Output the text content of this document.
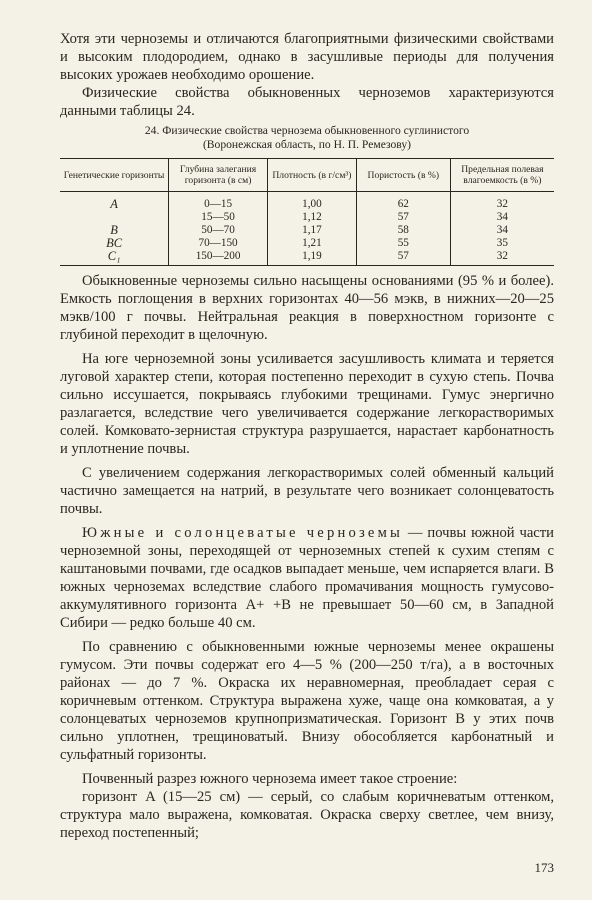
Хотя эти черноземы и отличаются благоприятными физическими свойствами и высоким плодородием, однако в засушливые периоды для получения высоких урожаев необходимо орошение.

Физические свойства обыкновенных черноземов характеризуются данными таблицы 24.

24. Физические свойства чернозема обыкновенного суглинистого
(Воронежская область, по Н. П. Ремезову)
Генетические горизонты	Глубина залегания горизонта (в см)	Плотность (в г/см³)	Пористость (в %)	Предельная полевая влагоемкость (в %)
A	0—15	1,00	62	32
	15—50	1,12	57	34
B	50—70	1,17	58	34
BC	70—150	1,21	55	35
C₁	150—200	1,19	57	32

Обыкновенные черноземы сильно насыщены основаниями (95 % и более). Емкость поглощения в верхних горизонтах 40—56 мэкв, в нижних—20—25 мэкв/100 г почвы. Нейтральная реакция в поверхностном горизонте с глубиной переходит в щелочную.

На юге черноземной зоны усиливается засушливость климата и теряется луговой характер степи, которая постепенно переходит в сухую степь. Почва сильно иссушается, покрываясь глубокими трещинами. Гумус энергично разлагается, вследствие чего увеличивается содержание легкорастворимых солей. Комковато-зернистая структура разрушается, нарастает карбонатность и уплотнение почвы.

С увеличением содержания легкорастворимых солей обменный кальций частично замещается на натрий, в результате чего возникает солонцеватость почвы.

Южные и солонцеватые черноземы — почвы южной части черноземной зоны, переходящей от черноземных степей к сухим степям с каштановыми почвами, где осадков выпадает меньше, чем испаряется влаги. В южных черноземах вследствие слабого промачивания мощность гумусово-аккумулятивного горизонта A+ +B не превышает 50—60 см, в Западной Сибири — редко больше 40 см.

По сравнению с обыкновенными южные черноземы менее окрашены гумусом. Эти почвы содержат его 4—5 % (200—250 т/га), а в восточных районах — до 7 %. Окраска их неравномерная, преобладает серая с коричневым оттенком. Структура выражена хуже, чаще она комковатая, а у солонцеватых черноземов крупнопризматическая. Горизонт B у этих почв сильно уплотнен, трещиноватый. Внизу обособляется карбонатный и сульфатный горизонты.

Почвенный разрез южного чернозема имеет такое строение:

горизонт A (15—25 см) — серый, со слабым коричневатым оттенком, структура мало выражена, комковатая. Окраска сверху светлее, чем внизу, переход постепенный;

173
